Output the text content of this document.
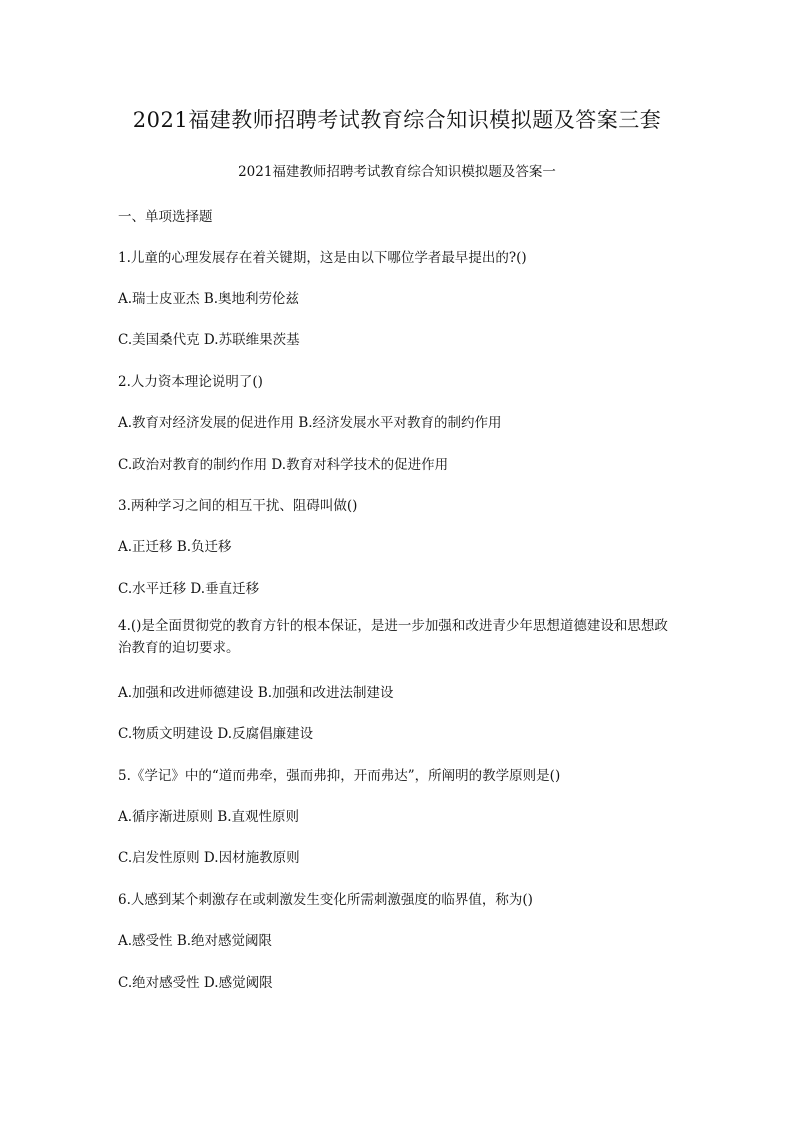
2021福建教师招聘考试教育综合知识模拟题及答案三套
2021福建教师招聘考试教育综合知识模拟题及答案一
一、单项选择题
1.儿童的心理发展存在着关键期，这是由以下哪位学者最早提出的?()
A.瑞士皮亚杰 B.奥地利劳伦兹
C.美国桑代克 D.苏联维果茨基
2.人力资本理论说明了()
A.教育对经济发展的促进作用 B.经济发展水平对教育的制约作用
C.政治对教育的制约作用 D.教育对科学技术的促进作用
3.两种学习之间的相互干扰、阻碍叫做()
A.正迁移 B.负迁移
C.水平迁移 D.垂直迁移
4.()是全面贯彻党的教育方针的根本保证，是进一步加强和改进青少年思想道德建设和思想政治教育的迫切要求。
A.加强和改进师德建设 B.加强和改进法制建设
C.物质文明建设 D.反腐倡廉建设
5.《学记》中的“道而弗牵，强而弗抑，开而弗达”，所阐明的教学原则是()
A.循序渐进原则 B.直观性原则
C.启发性原则 D.因材施教原则
6.人感到某个刺激存在或刺激发生变化所需刺激强度的临界值，称为()
A.感受性 B.绝对感觉阈限
C.绝对感受性 D.感觉阈限
